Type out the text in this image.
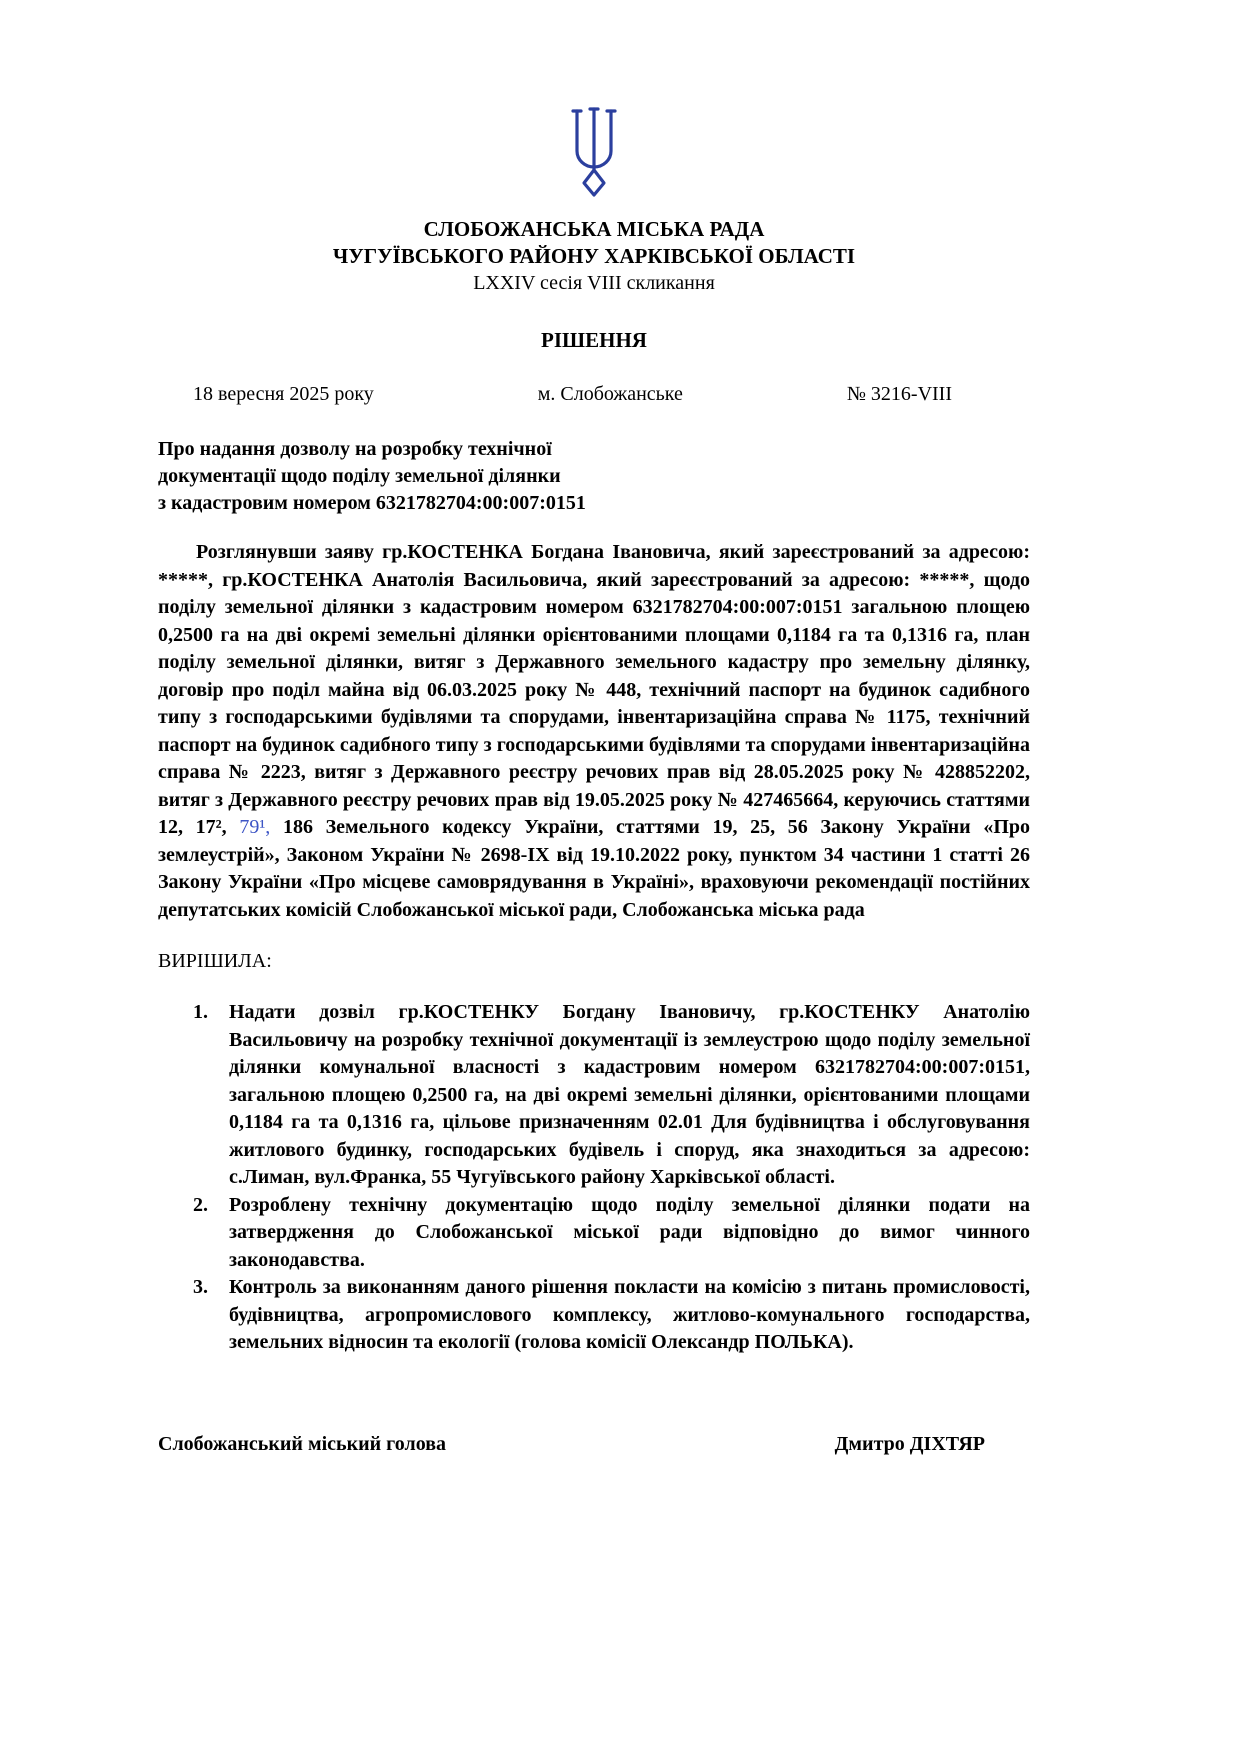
СЛОБОЖАНСЬКА МІСЬКА РАДА
ЧУГУЇВСЬКОГО РАЙОНУ ХАРКІВСЬКОЇ ОБЛАСТІ
LXXIV сесія VIII скликання
РІШЕННЯ
18 вересня 2025 року	м. Слобожанське	№ 3216-VIII
Про надання дозволу на розробку технічної
документації щодо поділу земельної ділянки
з кадастровим номером 6321782704:00:007:0151

Розглянувши заяву гр.КОСТЕНКА Богдана Івановича, який зареєстрований за адресою: *****, гр.КОСТЕНКА Анатолія Васильовича, який зареєстрований за адресою: *****, щодо поділу земельної ділянки з кадастровим номером 6321782704:00:007:0151 загальною площею 0,2500 га на дві окремі земельні ділянки орієнтованими площами 0,1184 га та 0,1316 га, план поділу земельної ділянки, витяг з Державного земельного кадастру про земельну ділянку, договір про поділ майна від 06.03.2025 року № 448, технічний паспорт на будинок садибного типу з господарськими будівлями та спорудами, інвентаризаційна справа № 1175, технічний паспорт на будинок садибного типу з господарськими будівлями та спорудами інвентаризаційна справа № 2223, витяг з Державного реєстру речових прав від 28.05.2025 року № 428852202, витяг з Державного реєстру речових прав від 19.05.2025 року № 427465664, керуючись статтями 12, 17², 79¹, 186 Земельного кодексу України, статтями 19, 25, 56 Закону України «Про землеустрій», Законом України № 2698-IX від 19.10.2022 року, пунктом 34 частини 1 статті 26 Закону України «Про місцеве самоврядування в Україні», враховуючи рекомендації постійних депутатських комісій Слобожанської міської ради, Слобожанська міська рада

ВИРІШИЛА:
1.	Надати дозвіл гр.КОСТЕНКУ Богдану Івановичу, гр.КОСТЕНКУ Анатолію Васильовичу на розробку технічної документації із землеустрою щодо поділу земельної ділянки комунальної власності з кадастровим номером 6321782704:00:007:0151, загальною площею 0,2500 га, на дві окремі земельні ділянки, орієнтованими площами 0,1184 га та 0,1316 га, цільове призначенням 02.01 Для будівництва і обслуговування житлового будинку, господарських будівель і споруд, яка знаходиться за адресою: с.Лиман, вул.Франка, 55 Чугуївського району Харківської області.
2.	Розроблену технічну документацію щодо поділу земельної ділянки подати на затвердження до Слобожанської міської ради відповідно до вимог чинного законодавства.
3.	Контроль за виконанням даного рішення покласти на комісію з питань промисловості, будівництва, агропромислового комплексу, житлово-комунального господарства, земельних відносин та екології (голова комісії Олександр ПОЛЬКА).
Слобожанський міський голова	Дмитро ДІХТЯР
